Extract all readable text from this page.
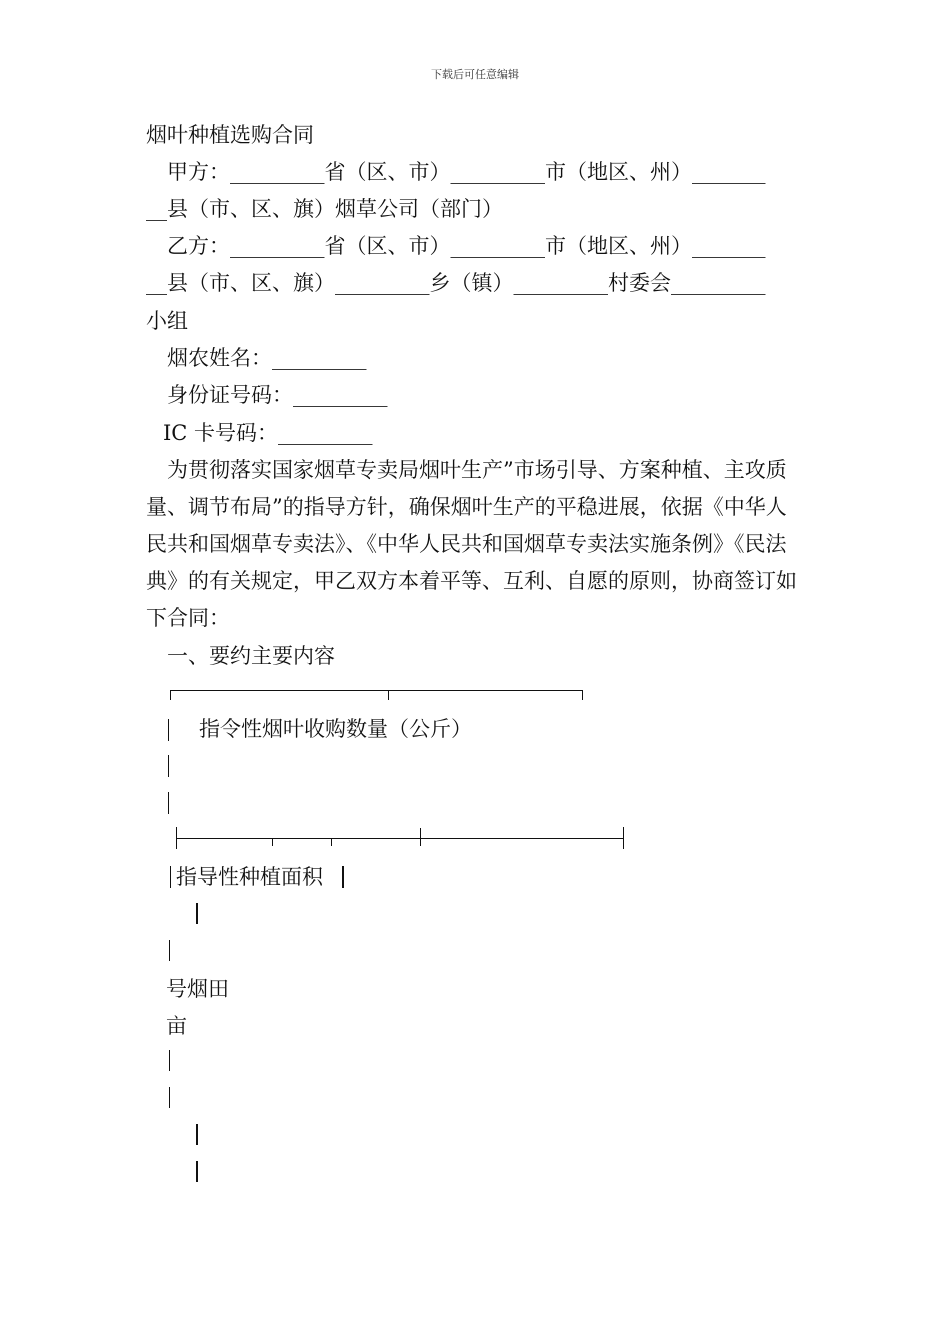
下载后可任意编辑
烟叶种植选购合同
甲方：_________省（区、市）_________市（地区、州）_______
__县（市、区、旗）烟草公司（部门）
乙方：_________省（区、市）_________市（地区、州）_______
__县（市、区、旗）_________乡（镇）_________村委会_________
小组
烟农姓名：_________
身份证号码：_________
IC 卡号码：_________
为贯彻落实国家烟草专卖局烟叶生产”市场引导、方案种植、主攻质量、调节布局”的指导方针，确保烟叶生产的平稳进展，依据《中华人民共和国烟草专卖法》、《中华人民共和国烟草专卖法实施条例》《民法典》的有关规定，甲乙双方本着平等、互利、自愿的原则，协商签订如下合同：
一、要约主要内容
指令性烟叶收购数量（公斤）
指导性种植面积
号烟田
亩
